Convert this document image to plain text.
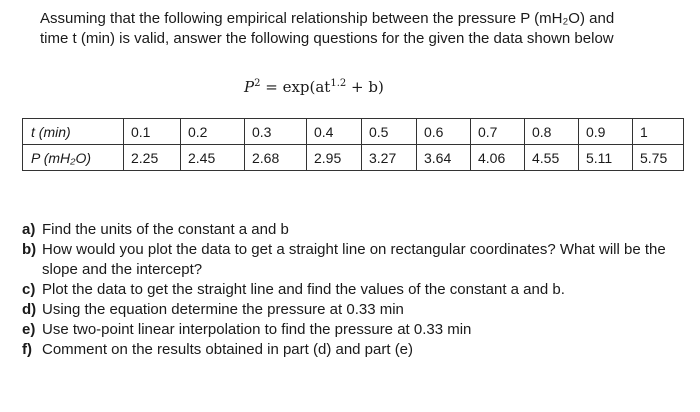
Assuming that the following empirical relationship between the pressure P (mH₂O) and
time t (min) is valid, answer the following questions for the given the data shown below

$P^2 = \exp(at^{1.2} + b)$
t (min)	0.1	0.2	0.3	0.4	0.5	0.6	0.7	0.8	0.9	1
P (mH₂O)	2.25	2.45	2.68	2.95	3.27	3.64	4.06	4.55	5.11	5.75
a) Find the units of the constant a and b
b) How would you plot the data to get a straight line on rectangular coordinates? What will be the slope and the intercept?
c) Plot the data to get the straight line and find the values of the constant a and b.
d) Using the equation determine the pressure at 0.33 min
e) Use two-point linear interpolation to find the pressure at 0.33 min
f) Comment on the results obtained in part (d) and part (e)
